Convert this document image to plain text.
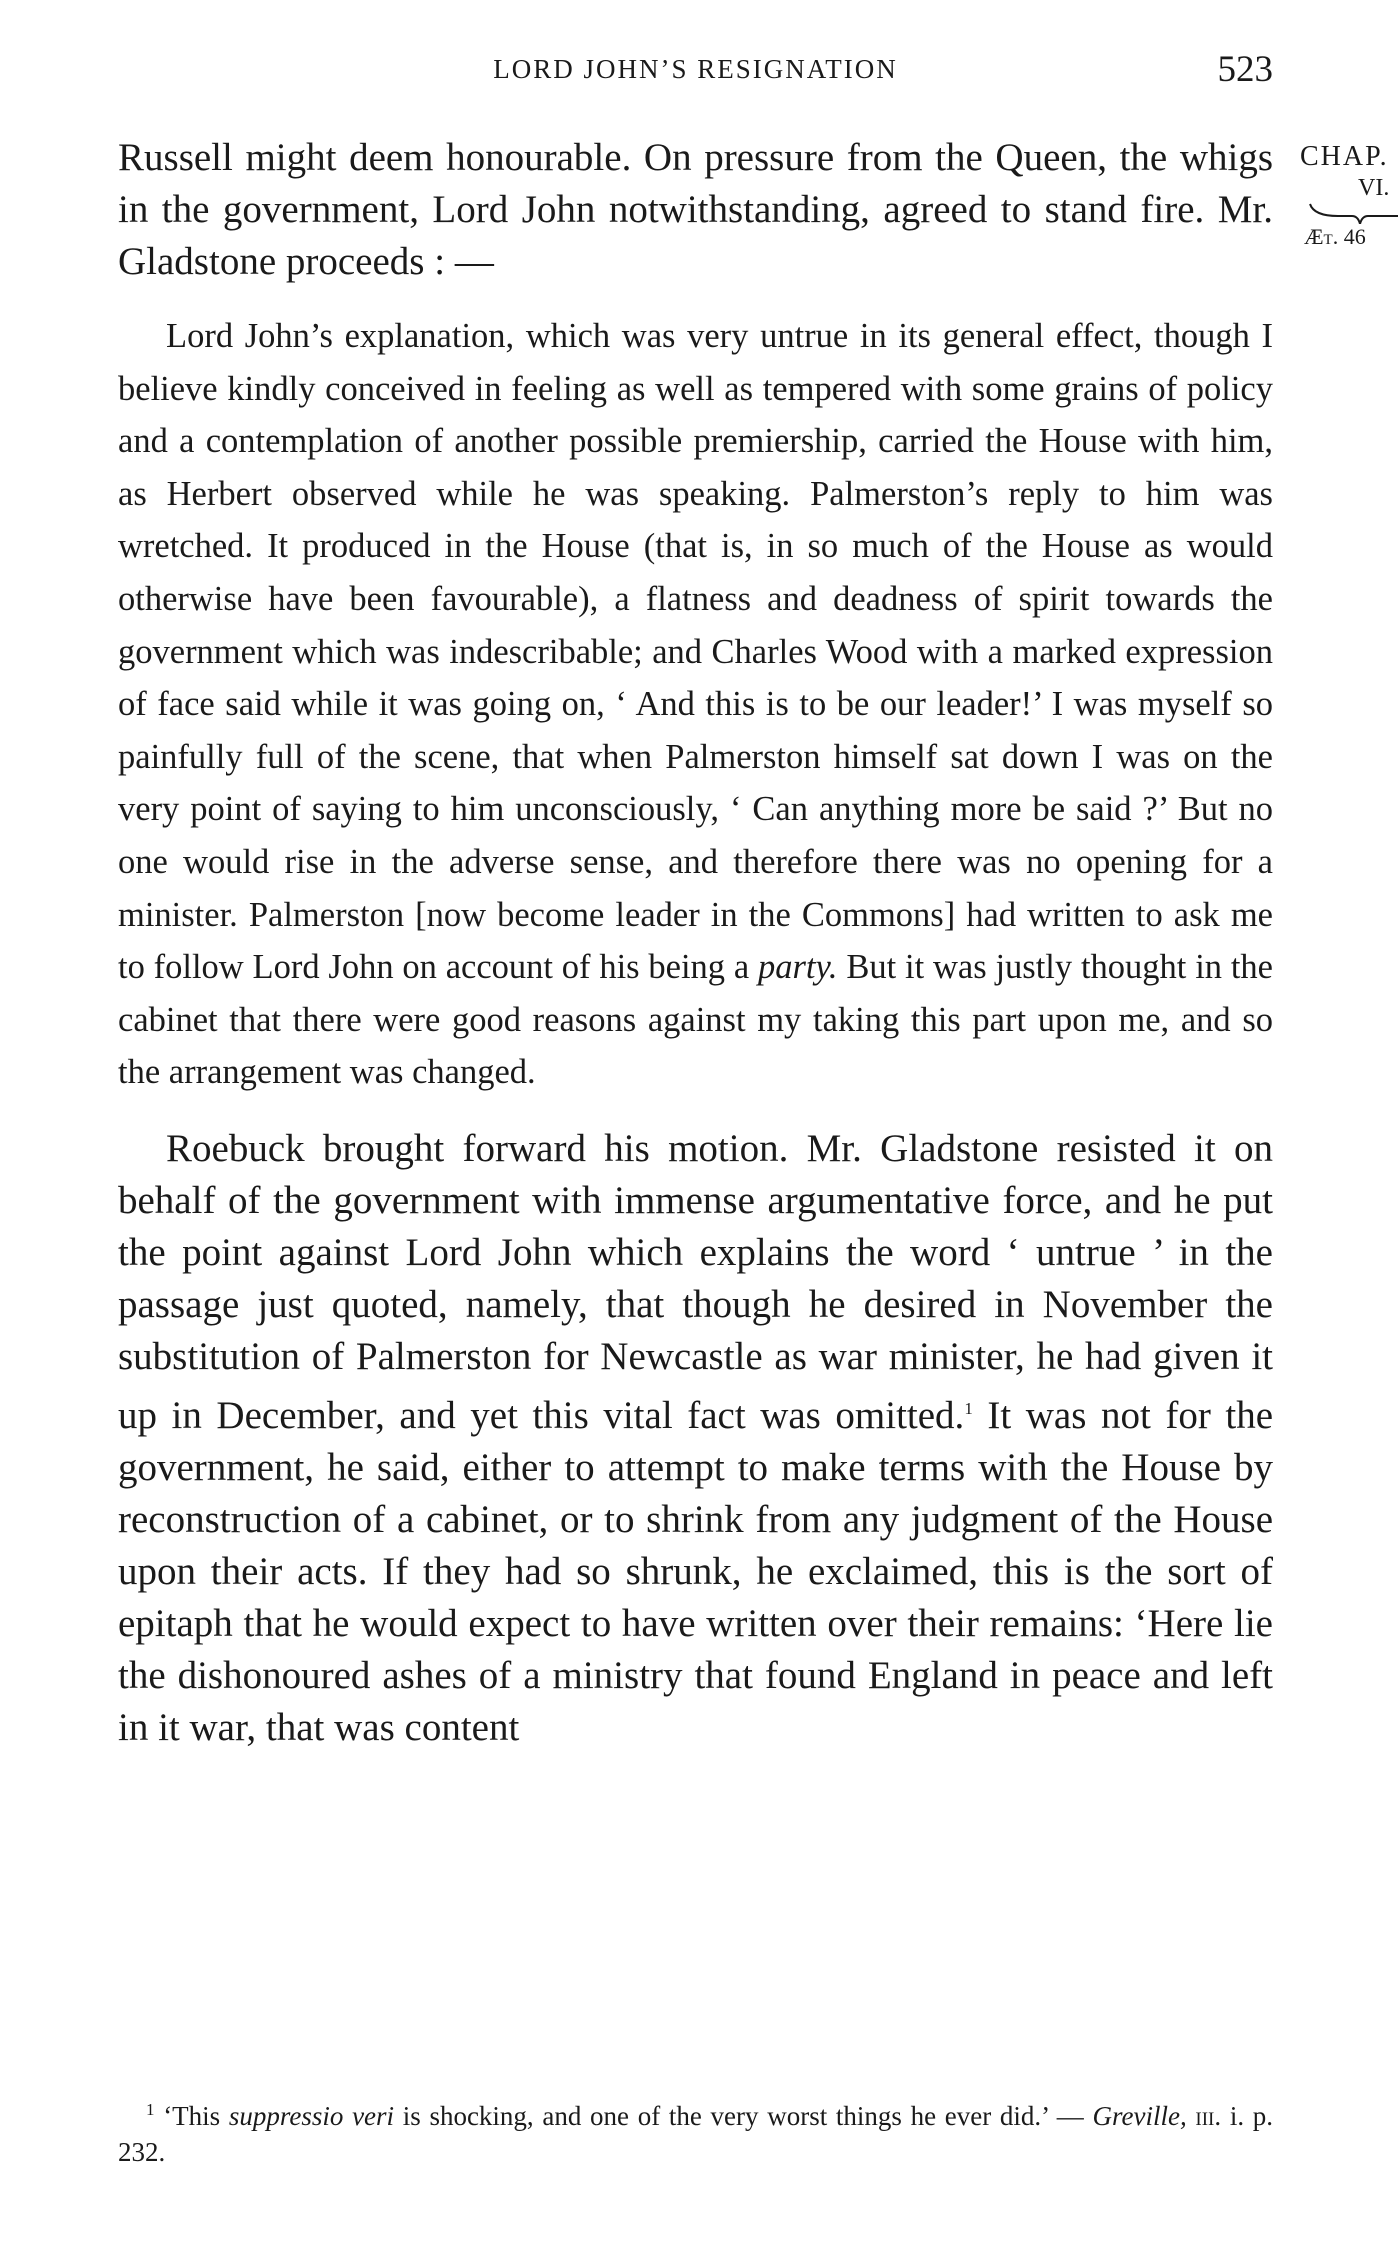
LORD JOHN’S RESIGNATION	523
CHAP.
VI.
Æt. 46

Russell might deem honourable. On pressure from the Queen, the whigs in the government, Lord John notwithstanding, agreed to stand fire. Mr. Gladstone proceeds : —

Lord John’s explanation, which was very untrue in its general effect, though I believe kindly conceived in feeling as well as tempered with some grains of policy and a contemplation of another possible premiership, carried the House with him, as Herbert observed while he was speaking. Palmerston’s reply to him was wretched. It produced in the House (that is, in so much of the House as would otherwise have been favourable), a flatness and deadness of spirit towards the government which was indescribable; and Charles Wood with a marked expression of face said while it was going on, ‘ And this is to be our leader!’ I was myself so painfully full of the scene, that when Palmerston himself sat down I was on the very point of saying to him unconsciously, ‘ Can anything more be said ?’ But no one would rise in the adverse sense, and therefore there was no opening for a minister. Palmerston [now become leader in the Commons] had written to ask me to follow Lord John on account of his being a party. But it was justly thought in the cabinet that there were good reasons against my taking this part upon me, and so the arrangement was changed.

Roebuck brought forward his motion. Mr. Gladstone resisted it on behalf of the government with immense argumentative force, and he put the point against Lord John which explains the word ‘ untrue ’ in the passage just quoted, namely, that though he desired in November the substitution of Palmerston for Newcastle as war minister, he had given it up in December, and yet this vital fact was omitted.$^1$ It was not for the government, he said, either to attempt to make terms with the House by reconstruction of a cabinet, or to shrink from any judgment of the House upon their acts. If they had so shrunk, he exclaimed, this is the sort of epitaph that he would expect to have written over their remains: ‘Here lie the dishonoured ashes of a ministry that found England in peace and left in it war, that was content

$^1$ ‘This suppressio veri is shocking, and one of the very worst things he ever did.’ — Greville, iii. i. p. 232.
